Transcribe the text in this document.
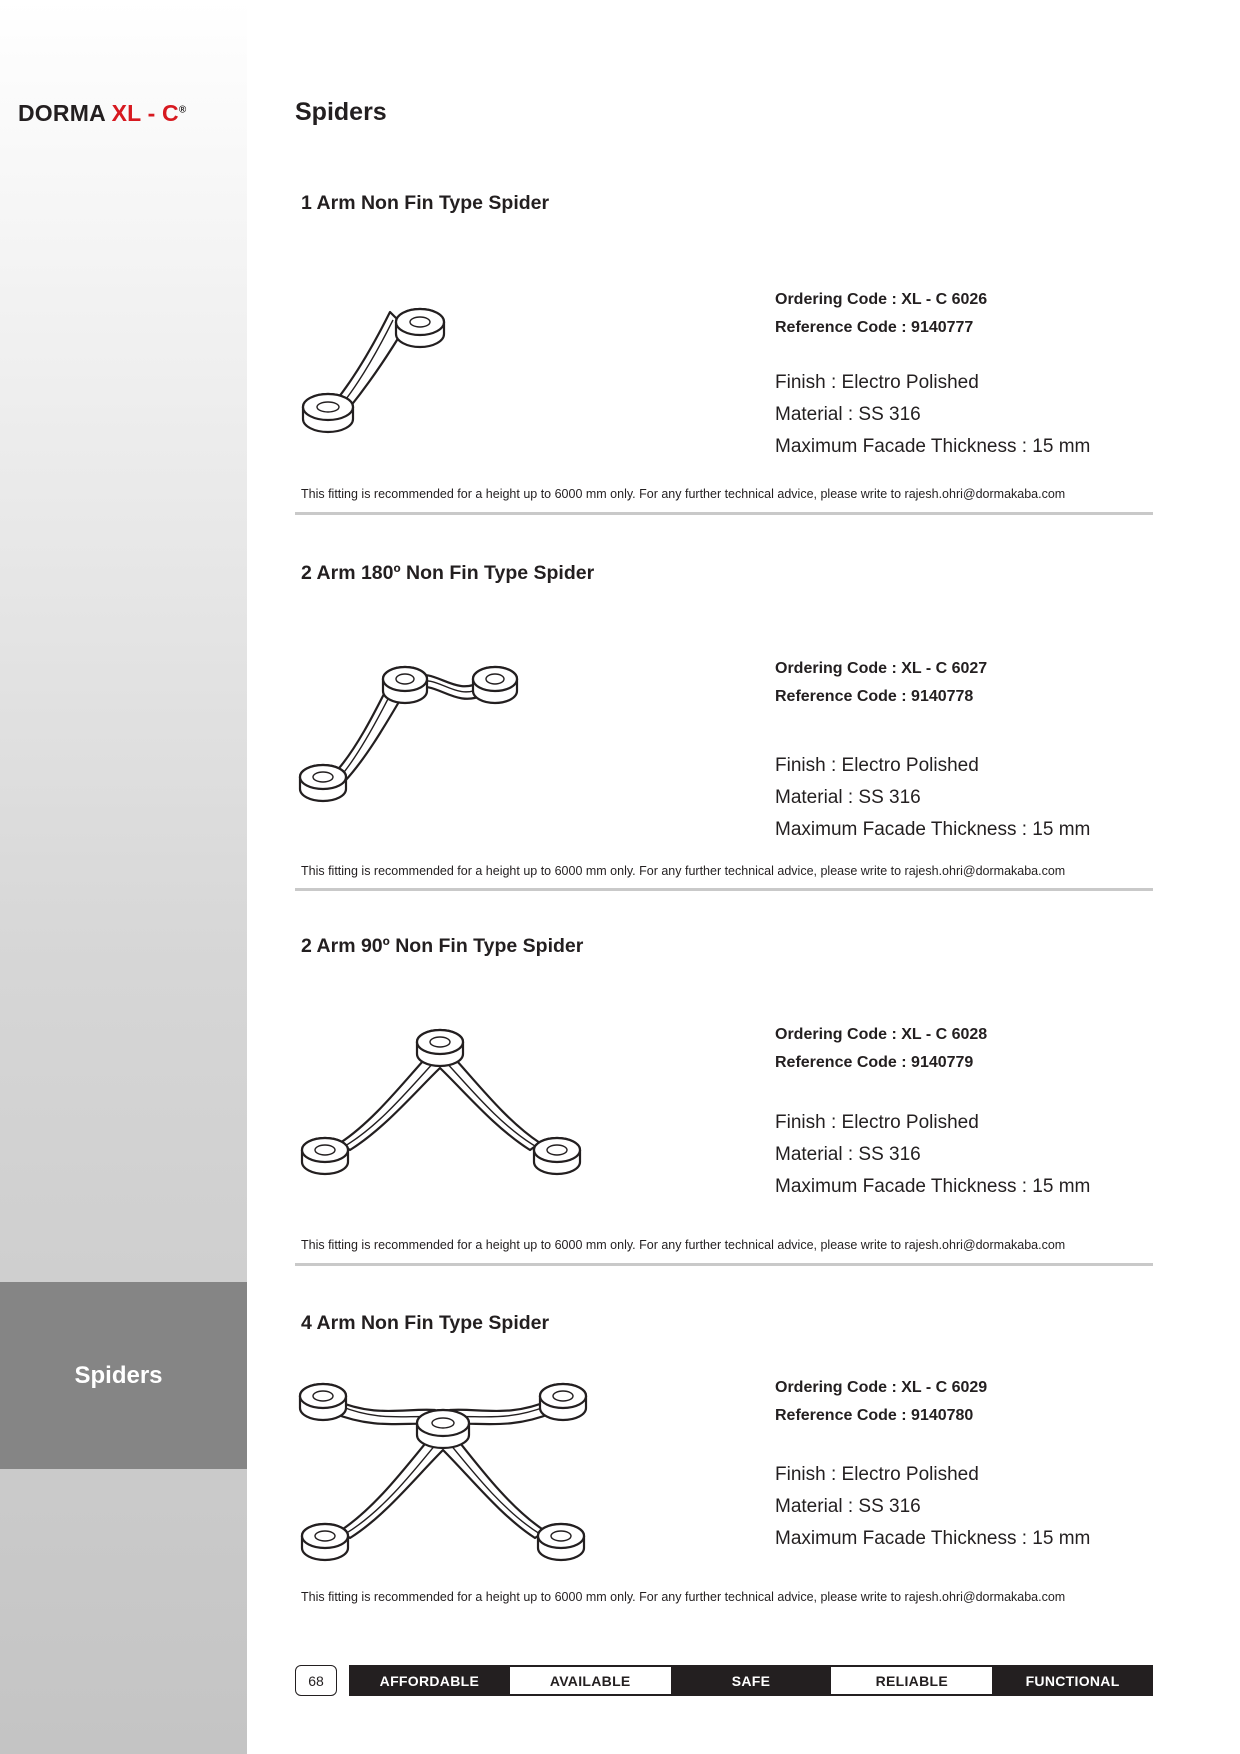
DORMA XL - C®
Spiders
Spiders
1 Arm Non Fin Type Spider
Ordering Code : XL - C 6026
Reference Code : 9140777
Finish : Electro Polished
Material : SS 316
Maximum Facade Thickness : 15 mm
This fitting is recommended for a height up to 6000 mm only. For any further technical advice, please write to rajesh.ohri@dormakaba.com
2 Arm 180º Non Fin Type Spider
Ordering Code : XL - C 6027
Reference Code : 9140778
Finish : Electro Polished
Material : SS 316
Maximum Facade Thickness : 15 mm
This fitting is recommended for a height up to 6000 mm only. For any further technical advice, please write to rajesh.ohri@dormakaba.com
2 Arm 90º Non Fin Type Spider
Ordering Code : XL - C 6028
Reference Code : 9140779
Finish : Electro Polished
Material : SS 316
Maximum Facade Thickness : 15 mm
This fitting is recommended for a height up to 6000 mm only. For any further technical advice, please write to rajesh.ohri@dormakaba.com
4 Arm Non Fin Type Spider
Ordering Code : XL - C 6029
Reference Code : 9140780
Finish : Electro Polished
Material : SS 316
Maximum Facade Thickness : 15 mm
This fitting is recommended for a height up to 6000 mm only. For any further technical advice, please write to rajesh.ohri@dormakaba.com
68	AFFORDABLE	AVAILABLE	SAFE	RELIABLE	FUNCTIONAL
